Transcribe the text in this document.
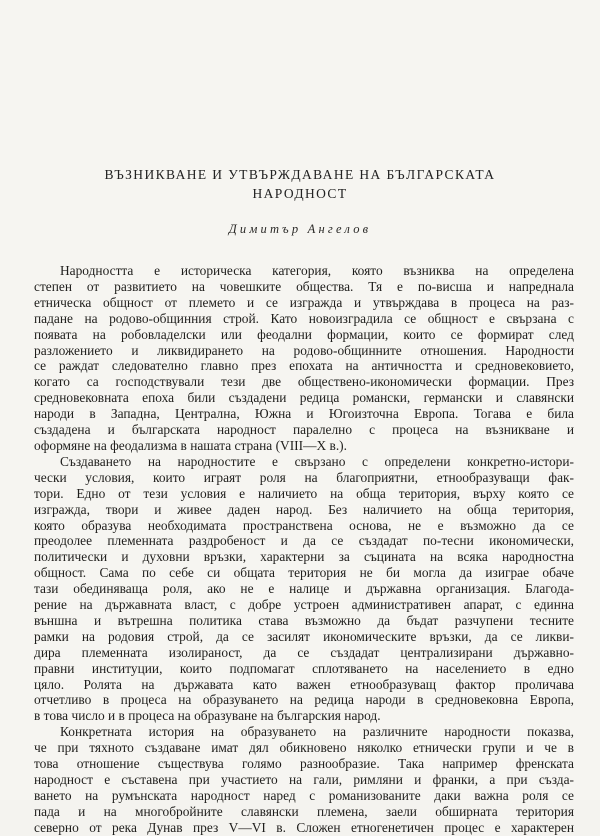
ВЪЗНИКВАНЕ И УТВЪРЖДАВАНЕ НА БЪЛГАРСКАТА
НАРОДНОСТ
Димитър Ангелов

Народността е историческа категория, която възниква на определена
степен от развитието на човешките общества. Тя е по-висша и напреднала
етническа общност от племето и се изгражда и утвърждава в процеса на раз-
падане на родово-общинния строй. Като новоизградила се общност е свързана с
появата на робовладелски или феодални формации, които се формират след
разложението и ликвидирането на родово-общинните отношения. Народности
се раждат следователно главно през епохата на античността и средновековието,
когато са господствували тези две обществено-икономически формации. През
средновековната епоха били създадени редица романски, германски и славянски
народи в Западна, Централна, Южна и Югоизточна Европа. Тогава е била
създадена и българската народност паралелно с процеса на възникване и
оформяне на феодализма в нашата страна (VIII—X в.).

Създаването на народностите е свързано с определени конкретно-истори-
чески условия, които играят роля на благоприятни, етнообразуващи фак-
тори. Едно от тези условия е наличието на обща територия, върху която се
изгражда, твори и живее даден народ. Без наличието на обща територия,
която образува необходимата пространствена основа, не е възможно да се
преодолее племенната раздробеност и да се създадат по-тесни икономически,
политически и духовни връзки, характерни за съцината на всяка народностна
общност. Сама по себе си общата територия не би могла да изиграе обаче
тази обединяваща роля, ако не е налице и държавна организация. Благода-
рение на държавната власт, с добре устроен административен апарат, с единна
външна и вътрешна политика става възможно да бъдат разчупени тесните
рамки на родовия строй, да се засилят икономическите връзки, да се ликви-
дира племенната изолираност, да се създадат централизирани държавно-
правни институции, които подпомагат сплотяването на населението в едно
цяло. Ролята на държавата като важен етнообразуващ фактор проличава
отчетливо в процеса на образуването на редица народи в средновековна Европа,
в това число и в процеса на образуване на българския народ.

Конкретната история на образуването на различните народности показва,
че при тяхното създаване имат дял обикновено няколко етнически групи и че в
това отношение съществува голямо разнообразие. Така например френската
народност е съставена при участието на гали, римляни и франки, а при създа-
ването на румънската народност наред с романизованите даки важна роля се
пада и на многобройните славянски племена, заели обширната територия
северно от река Дунав през V—VI в. Сложен етногенетичен процес е характерен
